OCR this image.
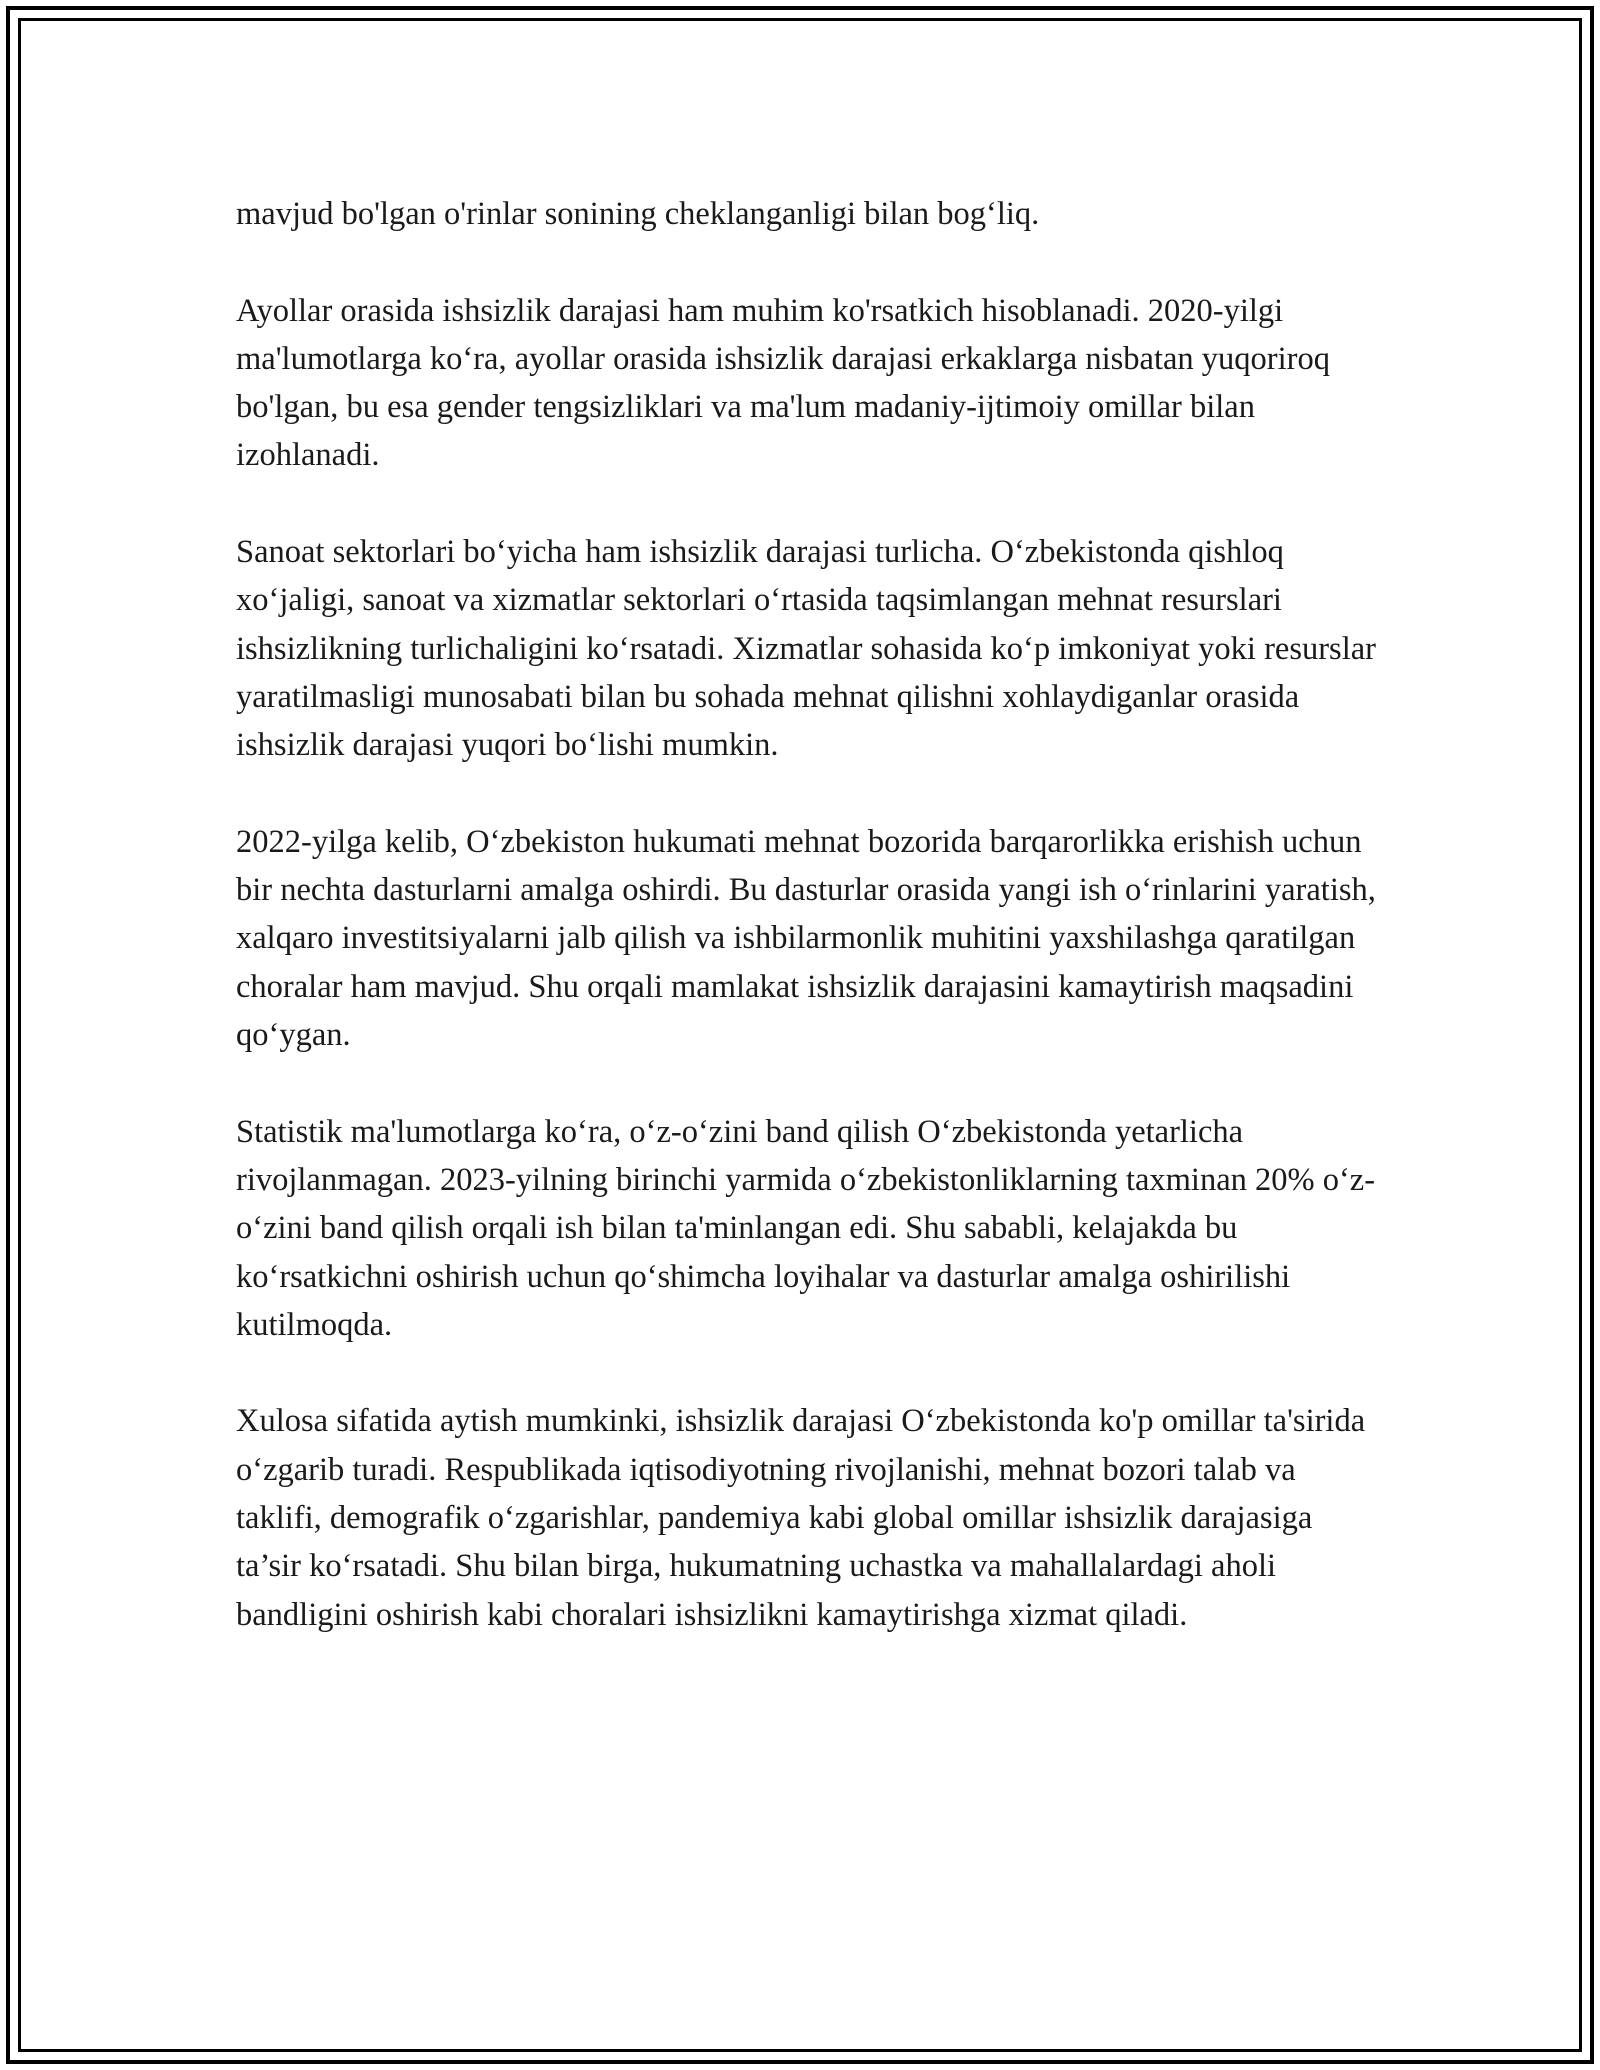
mavjud bo'lgan o'rinlar sonining cheklanganligi bilan bog‘liq.

Ayollar orasida ishsizlik darajasi ham muhim ko'rsatkich hisoblanadi. 2020-yilgi ma'lumotlarga ko‘ra, ayollar orasida ishsizlik darajasi erkaklarga nisbatan yuqoriroq bo'lgan, bu esa gender tengsizliklari va ma'lum madaniy-ijtimoiy omillar bilan izohlanadi.

Sanoat sektorlari bo‘yicha ham ishsizlik darajasi turlicha. O‘zbekistonda qishloq xo‘jaligi, sanoat va xizmatlar sektorlari o‘rtasida taqsimlangan mehnat resurslari ishsizlikning turlichaligini ko‘rsatadi. Xizmatlar sohasida ko‘p imkoniyat yoki resurslar yaratilmasligi munosabati bilan bu sohada mehnat qilishni xohlaydiganlar orasida ishsizlik darajasi yuqori bo‘lishi mumkin.

2022-yilga kelib, O‘zbekiston hukumati mehnat bozorida barqarorlikka erishish uchun bir nechta dasturlarni amalga oshirdi. Bu dasturlar orasida yangi ish o‘rinlarini yaratish, xalqaro investitsiyalarni jalb qilish va ishbilarmonlik muhitini yaxshilashga qaratilgan choralar ham mavjud. Shu orqali mamlakat ishsizlik darajasini kamaytirish maqsadini qo‘ygan.

Statistik ma'lumotlarga ko‘ra, o‘z-o‘zini band qilish O‘zbekistonda yetarlicha rivojlanmagan. 2023-yilning birinchi yarmida o‘zbekistonliklarning taxminan 20% o‘z-o‘zini band qilish orqali ish bilan ta'minlangan edi. Shu sababli, kelajakda bu ko‘rsatkichni oshirish uchun qo‘shimcha loyihalar va dasturlar amalga oshirilishi kutilmoqda.

Xulosa sifatida aytish mumkinki, ishsizlik darajasi O‘zbekistonda ko'p omillar ta'sirida o‘zgarib turadi. Respublikada iqtisodiyotning rivojlanishi, mehnat bozori talab va taklifi, demografik o‘zgarishlar, pandemiya kabi global omillar ishsizlik darajasiga ta’sir ko‘rsatadi. Shu bilan birga, hukumatning uchastka va mahallalardagi aholi bandligini oshirish kabi choralari ishsizlikni kamaytirishga xizmat qiladi.
